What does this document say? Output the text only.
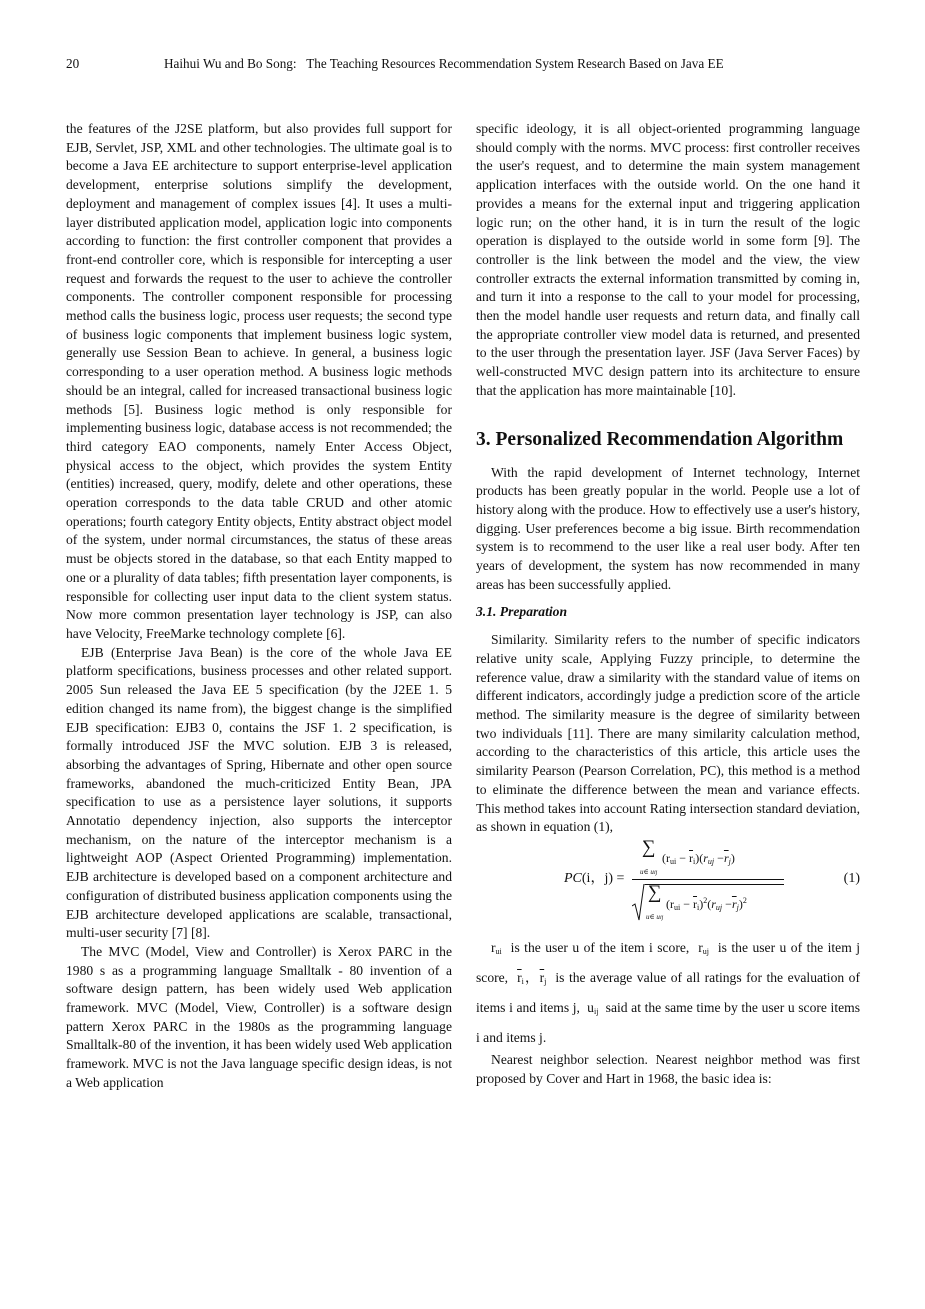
20	Haihui Wu and Bo Song:   The Teaching Resources Recommendation System Research Based on Java EE

the features of the J2SE platform, but also provides full support for EJB, Servlet, JSP, XML and other technologies. The ultimate goal is to become a Java EE architecture to support enterprise-level application development, enterprise solutions simplify the development, deployment and management of complex issues [4]. It uses a multi-layer distributed application model, application logic into components according to function: the first controller component that provides a front-end controller core, which is responsible for intercepting a user request and forwards the request to the user to achieve the controller components. The controller component responsible for processing method calls the business logic, process user requests; the second type of business logic components that implement business logic system, generally use Session Bean to achieve. In general, a business logic corresponding to a user operation method. A business logic methods should be an integral, called for increased transactional business logic methods [5]. Business logic method is only responsible for implementing business logic, database access is not recommended; the third category EAO components, namely Enter Access Object, physical access to the object, which provides the system Entity (entities) increased, query, modify, delete and other operations, these operation corresponds to the data table CRUD and other atomic operations; fourth category Entity objects, Entity abstract object model of the system, under normal circumstances, the status of these areas must be objects stored in the database, so that each Entity mapped to one or a plurality of data tables; fifth presentation layer components, is responsible for collecting user input data to the client system status. Now more common presentation layer technology is JSP, can also have Velocity, FreeMarke technology complete [6].

EJB (Enterprise Java Bean) is the core of the whole Java EE platform specifications, business processes and other related support. 2005 Sun released the Java EE 5 specification (by the J2EE 1. 5 edition changed its name from), the biggest change is the simplified EJB specification: EJB3 0, contains the JSF 1. 2 specification, is formally introduced JSF the MVC solution. EJB 3 is released, absorbing the advantages of Spring, Hibernate and other open source frameworks, abandoned the much-criticized Entity Bean, JPA specification to use as a persistence layer solutions, it supports Annotatio dependency injection, also supports the interceptor mechanism, on the nature of the interceptor mechanism is a lightweight AOP (Aspect Oriented Programming) implementation. EJB architecture is developed based on a component architecture and configuration of distributed business application components using the EJB architecture developed applications are scalable, transactional, multi-user security [7] [8].

The MVC (Model, View and Controller) is Xerox PARC in the 1980 s as a programming language Smalltalk - 80 invention of a software design pattern, has been widely used Web application framework. MVC (Model, View, Controller) is a software design pattern Xerox PARC in the 1980s as the programming language Smalltalk-80 of the invention, it has been widely used Web application framework. MVC is not the Java language specific design ideas, is not a Web application

specific ideology, it is all object-oriented programming language should comply with the norms. MVC process: first controller receives the user's request, and to determine the main system management application interfaces with the outside world. On the one hand it provides a means for the external input and triggering application logic run; on the other hand, it is in turn the result of the logic operation is displayed to the outside world in some form [9]. The controller is the link between the model and the view, the view controller extracts the external information transmitted by coming in, and turn it into a response to the call to your model for processing, then the model handle user requests and return data, and finally call the appropriate controller view model data is returned, and presented to the user through the presentation layer. JSF (Java Server Faces) by well-constructed MVC design pattern into its architecture to ensure that the application has more maintainable [10].

3. Personalized Recommendation Algorithm

With the rapid development of Internet technology, Internet products has been greatly popular in the world. People use a lot of history along with the produce. How to effectively use a user's history, digging. User preferences become a big issue. Birth recommendation system is to recommend to the user like a real user body. After ten years of development, the system has now recommended in many areas has been successfully applied.

3.1. Preparation

Similarity. Similarity refers to the number of specific indicators relative unity scale, Applying Fuzzy principle, to determine the reference value, draw a similarity with the standard value of items on different indicators, accordingly judge a prediction score of the article method. The similarity measure is the degree of similarity between two individuals [11]. There are many similarity calculation method, according to the characteristics of this article, this article uses the similarity Pearson (Pearson Correlation, PC), this method is a method to eliminate the difference between the mean and variance effects. This method takes into account Rating intersection standard deviation, as shown in equation (1),

PC(i，j) =
∑
u∈ uij
$(rui - \overline{r}i)(ruj -\overline{r}j)$
∑
u∈ uij
$(rui - \overline{r}i)^2(ruj -\overline{r}j)^2$
(1)

rui  is the user u of the item i score,  ruj  is the user u of the item j score,  $\overline{r}i$，$\overline{r}j$  is the average value of all ratings for the evaluation of items i and items j,  uij  said at the same time by the user u score items i and items j.

Nearest neighbor selection. Nearest neighbor method was first proposed by Cover and Hart in 1968, the basic idea is:
